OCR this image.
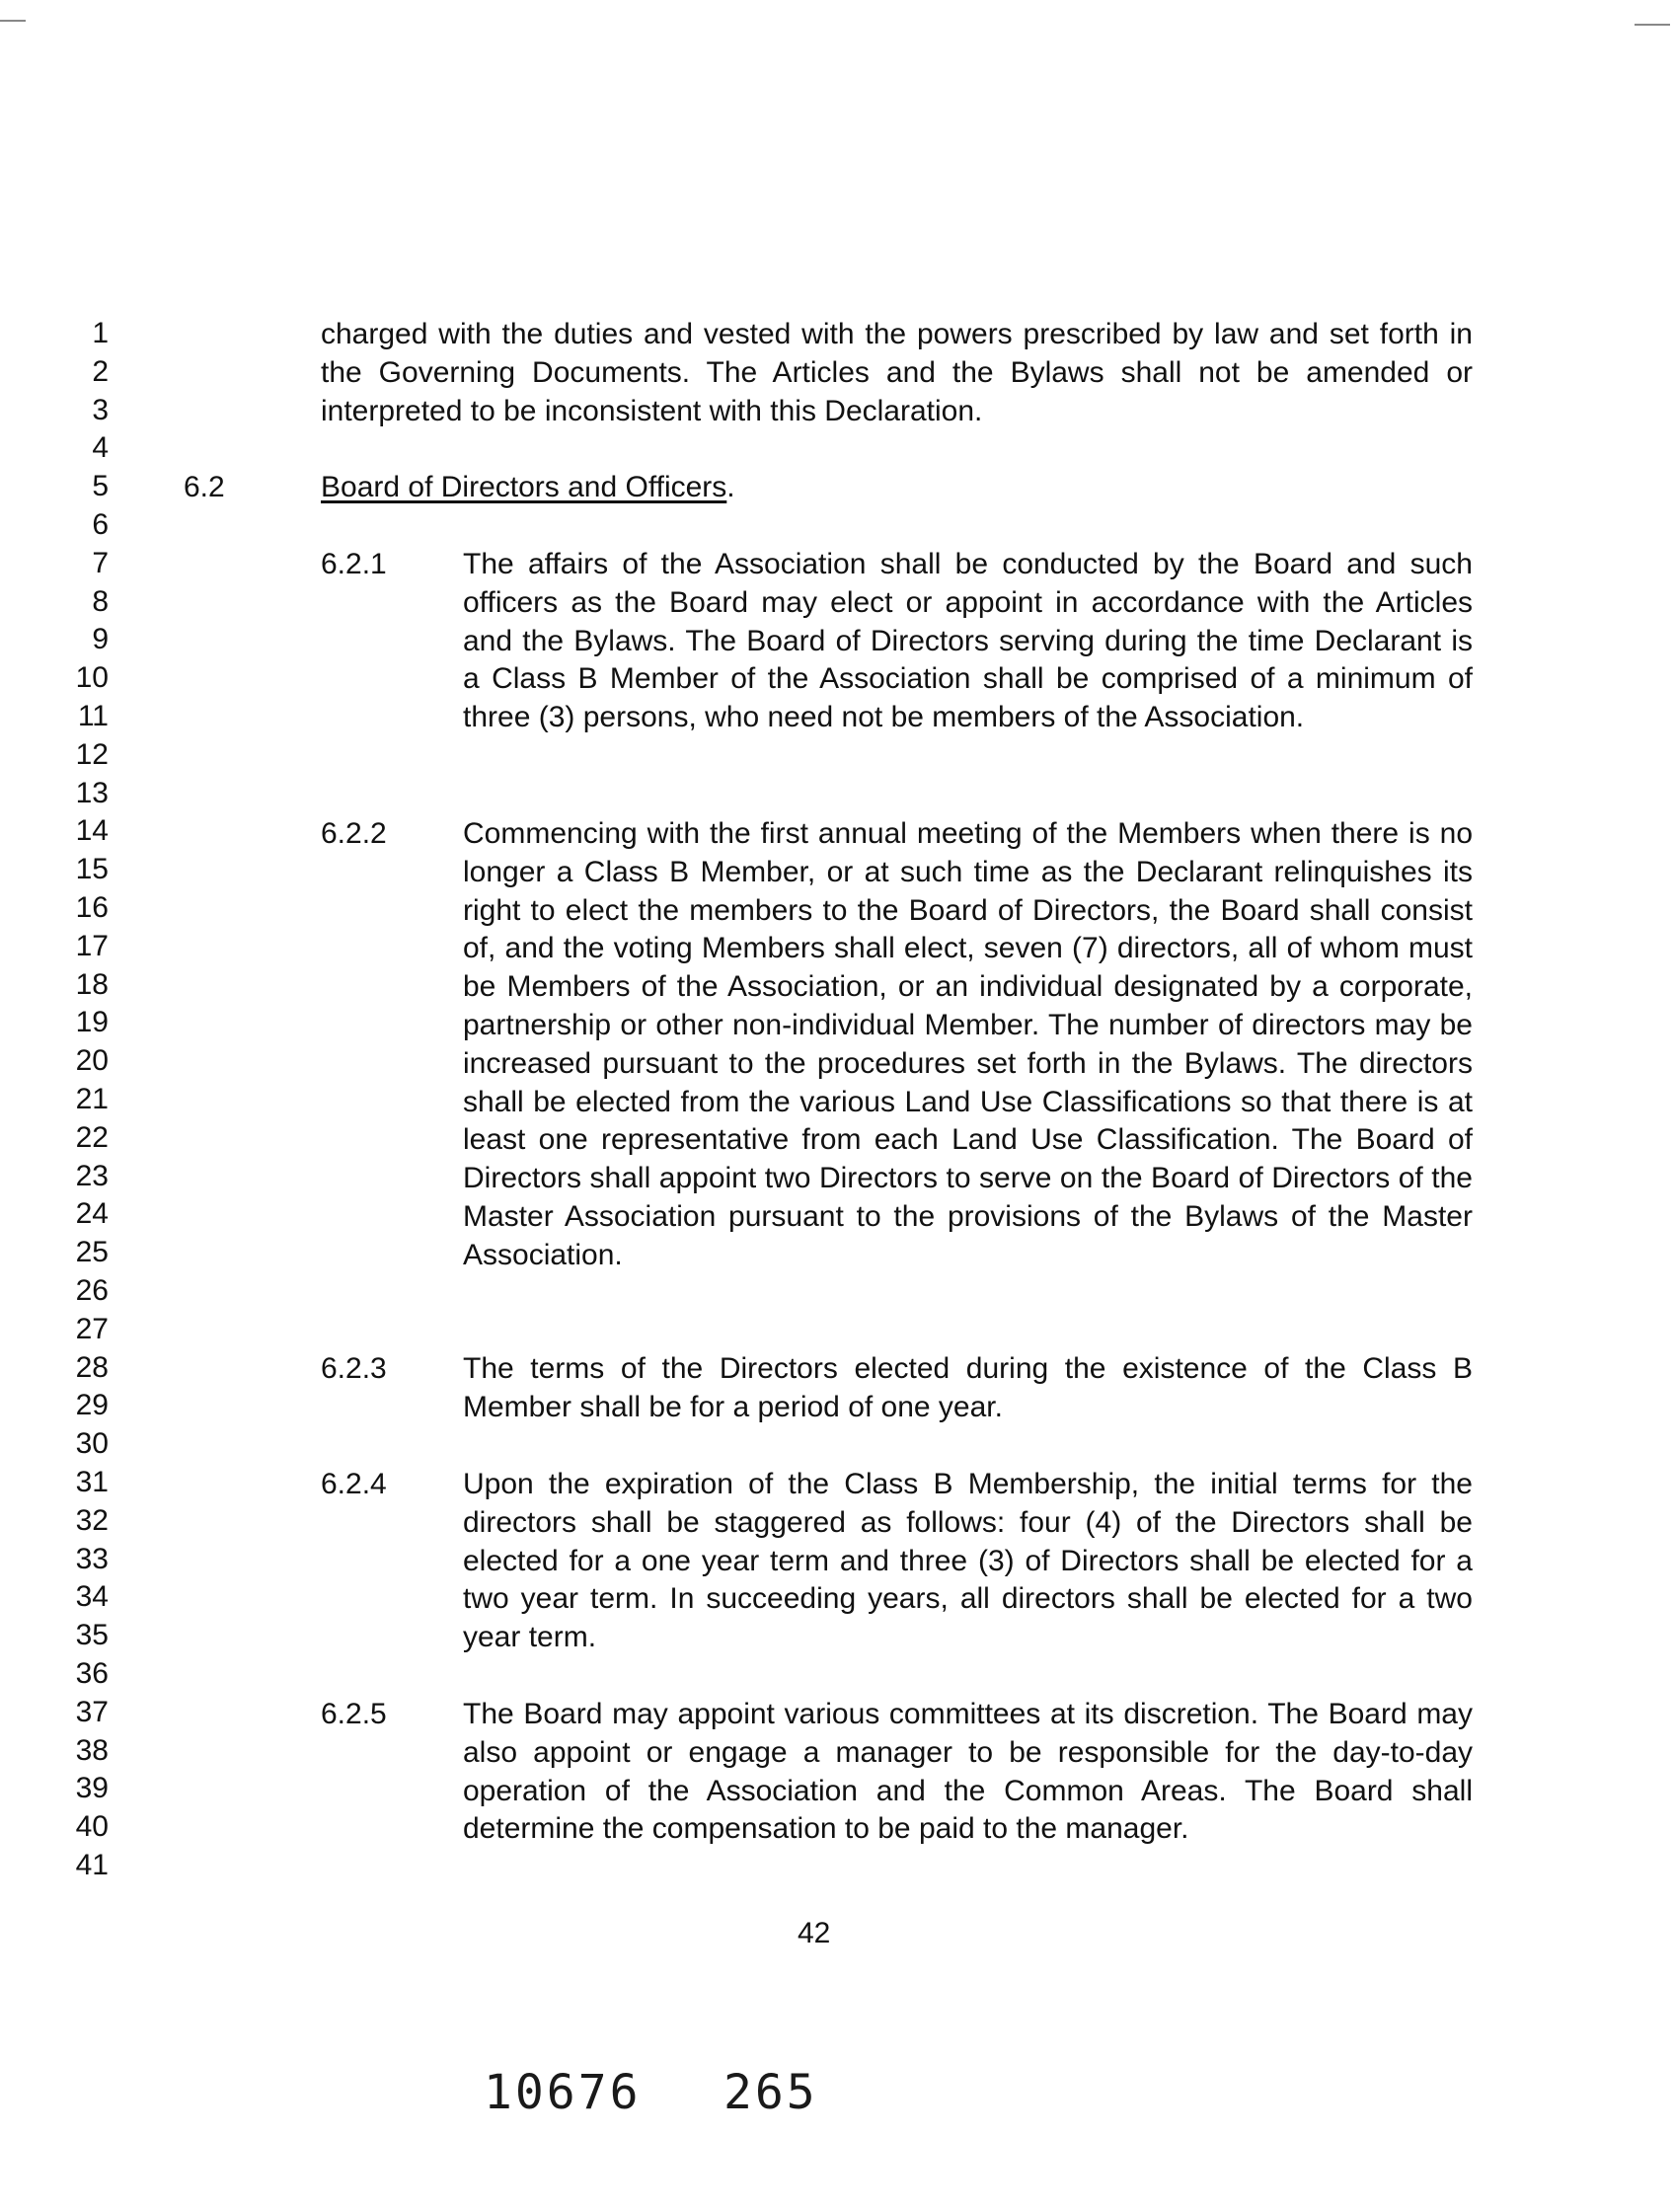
1
2
3
4
5
6
7
8
9
10
11
12
13
14
15
16
17
18
19
20
21
22
23
24
25
26
27
28
29
30
31
32
33
34
35
36
37
38
39
40
41

charged with the duties and vested with the powers prescribed by law and set forth in the Governing Documents. The Articles and the Bylaws shall not be amended or interpreted to be inconsistent with this Declaration.

6.2	Board of Directors and Officers.
6.2.1	The affairs of the Association shall be conducted by the Board and such officers as the Board may elect or appoint in accordance with the Articles and the Bylaws. The Board of Directors serving during the time Declarant is a Class B Member of the Association shall be comprised of a minimum of three (3) persons, who need not be members of the Association.

6.2.2	Commencing with the first annual meeting of the Members when there is no longer a Class B Member, or at such time as the Declarant relinquishes its right to elect the members to the Board of Directors, the Board shall consist of, and the voting Members shall elect, seven (7) directors, all of whom must be Members of the Association, or an individual designated by a corporate, partnership or other non-individual Member. The number of directors may be increased pursuant to the procedures set forth in the Bylaws. The directors shall be elected from the various Land Use Classifications so that there is at least one representative from each Land Use Classification. The Board of Directors shall appoint two Directors to serve on the Board of Directors of the Master Association pursuant to the provisions of the Bylaws of the Master Association.

6.2.3	The terms of the Directors elected during the existence of the Class B Member shall be for a period of one year.

6.2.4	Upon the expiration of the Class B Membership, the initial terms for the directors shall be staggered as follows: four (4) of the Directors shall be elected for a one year term and three (3) of Directors shall be elected for a two year term. In succeeding years, all directors shall be elected for a two year term.

6.2.5	The Board may appoint various committees at its discretion. The Board may also appoint or engage a manager to be responsible for the day-to-day operation of the Association and the Common Areas. The Board shall determine the compensation to be paid to the manager.

42
10676 265
